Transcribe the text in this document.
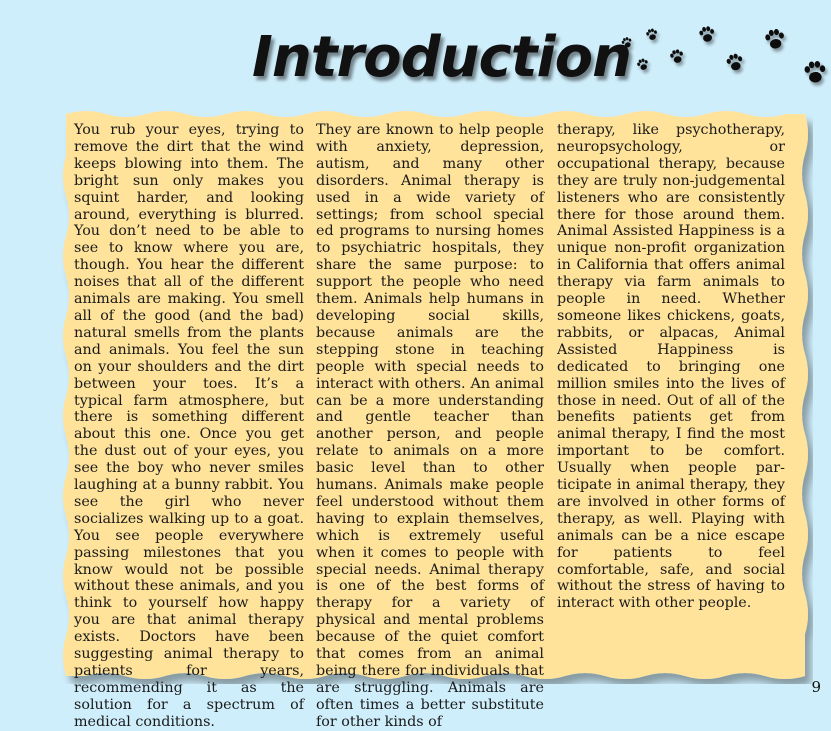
Introduction

You rub your eyes, trying to remove the dirt that the wind keeps blowing into them. The bright sun only makes you squint harder, and looking around, everything is blurred. You don’t need to be able to see to know where you are, though. You hear the different noises that all of the different animals are making. You smell all of the good (and the bad) natural smells from the plants and animals. You feel the sun on your shoulders and the dirt between your toes. It’s a typical farm atmosphere, but there is something different about this one. Once you get the dust out of your eyes, you see the boy who never smiles laughing at a bunny rabbit. You see the girl who never socializes walking up to a goat. You see people everywhere passing milestones that you know would not be possible without these animals, and you think to yourself how happy you are that animal therapy exists. Doctors have been suggesting animal therapy to patients for years, recommending it as the solution for a spectrum of medical conditions.

They are known to help people with anxiety, depression, autism, and many other disorders. Animal therapy is used in a wide variety of settings; from school special ed programs to nursing homes to psychiatric hospitals, they share the same purpose: to support the people who need them. Animals help humans in developing social skills, because animals are the stepping stone in teaching people with special needs to interact with others. An animal can be a more understanding and gentle teacher than another person, and people relate to animals on a more basic level than to other humans. Animals make people feel understood without them having to explain themselves, which is extremely useful when it comes to people with special needs. Animal therapy is one of the best forms of therapy for a variety of physical and mental problems because of the quiet comfort that comes from an animal being there for individuals that are struggling. Animals are often times a better substitute for other kinds of

therapy, like psychotherapy, neuropsychology, or occupational therapy, because they are truly non-judgemental listeners who are consistently there for those around them. Animal Assisted Happiness is a unique non-profit organization in California that offers animal therapy via farm animals to people in need. Whether someone likes chickens, goats, rabbits, or alpacas, Animal Assisted Happiness is dedicated to bringing one million smiles into the lives of those in need. Out of all of the benefits patients get from animal therapy, I find the most important to be comfort. Usually when people participate in animal therapy, they are involved in other forms of therapy, as well. Playing with animals can be a nice escape for patients to feel comfortable, safe, and social without the stress of having to interact with other people.

9
